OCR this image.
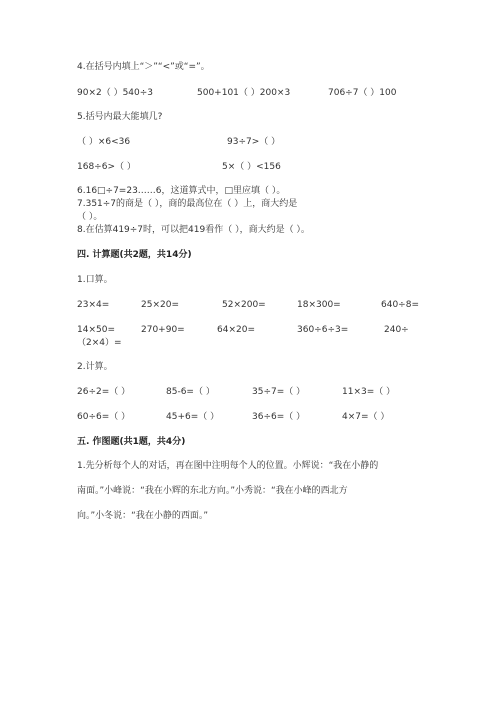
4.在括号内填上“＞”“<”或“=”。
90×2（ ）540÷3	500+101（ ）200×3	706÷7（ ）100
5.括号内最大能填几?
（ ）×6<36	93÷7>（ ）
168÷6>（ ）	5×（ ）<156
6.16□÷7=23……6，这道算式中，□里应填（ ）。
7.351÷7的商是（ ），商的最高位在（ ）上，商大约是
（ ）。
8.在估算419÷7时，可以把419看作（ ），商大约是（ ）。
四. 计算题(共2题，共14分)
1.口算。
23×4=	25×20=	52×200=	18×300=	640÷8=
14×50=	270+90=	64×20=	360÷6÷3=	240÷
（2×4）=
2.计算。
26÷2=（ ）	85-6=（ ）	35÷7=（ ）	11×3=（ ）
60÷6=（ ）	45+6=（ ）	36÷6=（ ）	4×7=（ ）
五. 作图题(共1题，共4分)
1.先分析每个人的对话，再在图中注明每个人的位置。小辉说：“我在小静的
南面。”小峰说：“我在小辉的东北方向。”小秀说：“我在小峰的西北方
向。”小冬说：“我在小静的西面。”
